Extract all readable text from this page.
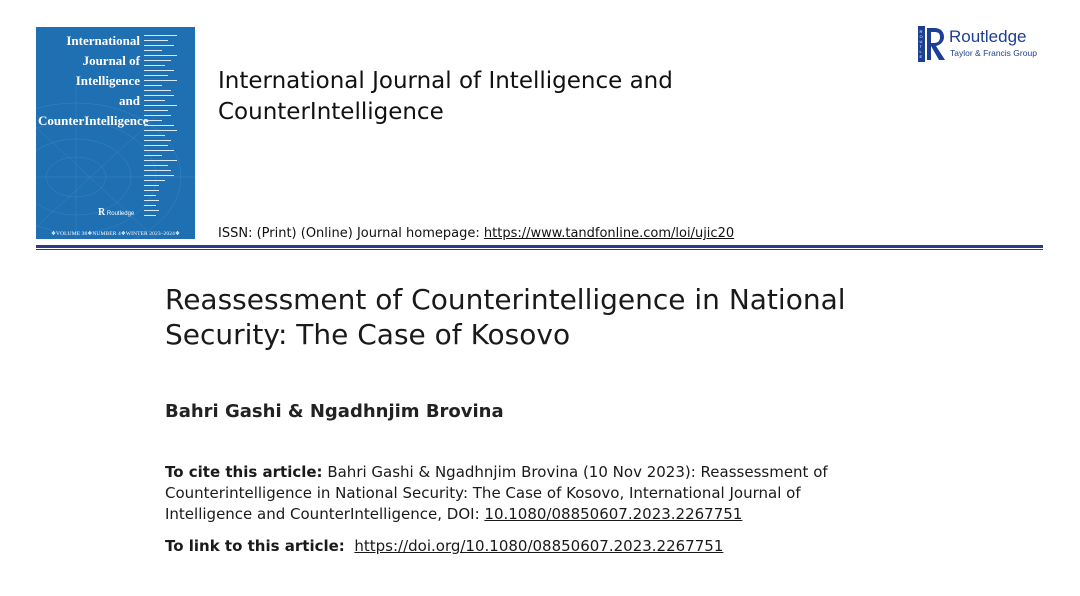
International
Journal of
Intelligence
and
CounterIntelligence
▬▬▬▬▬▬▬▬▬▬▬
▬▬▬▬▬▬▬▬
▬▬▬▬▬▬▬▬▬▬
▬▬▬▬▬▬
▬▬▬▬▬▬▬▬▬▬▬
▬▬▬▬▬▬▬▬▬
▬▬▬▬▬▬▬
▬▬▬▬▬▬▬▬▬▬
▬▬▬▬▬▬▬▬
▬▬▬▬▬▬▬▬▬▬▬
▬▬▬▬▬▬
▬▬▬▬▬▬▬▬▬
▬▬▬▬▬▬▬▬▬▬
▬▬▬▬▬▬▬
▬▬▬▬▬▬▬▬▬▬▬
▬▬▬▬▬▬▬▬
▬▬▬▬▬▬▬▬▬
▬▬▬▬▬▬
▬▬▬▬▬▬▬▬▬▬
▬▬▬▬▬▬▬▬▬▬▬
▬▬▬▬▬▬▬
▬▬▬▬▬▬▬▬▬
▬▬▬▬▬▬▬▬
▬▬▬▬▬▬▬▬▬▬
▬▬▬▬▬▬
▬▬▬▬▬▬▬▬▬▬▬
▬▬▬▬▬▬▬▬
▬▬▬▬▬▬▬▬▬
▬▬▬▬▬▬▬▬▬▬
▬▬▬▬▬▬▬
▬▬▬▬▬
▬▬▬▬▬
▬▬▬▬
▬▬▬▬▬
▬▬▬▬
▬▬▬▬▬
▬▬▬▬
R Routledge
❖VOLUME 36❖NUMBER 4❖WINTER 2023–2024❖
International Journal of Intelligence and CounterIntelligence
ISSN: (Print) (Online) Journal homepage: https://www.tandfonline.com/loi/ujic20
R
O
U
T
L
E
Routledge
Taylor & Francis Group
Reassessment of Counterintelligence in National Security: The Case of Kosovo
Bahri Gashi & Ngadhnjim Brovina
To cite this article: Bahri Gashi & Ngadhnjim Brovina (10 Nov 2023): Reassessment of Counterintelligence in National Security: The Case of Kosovo, International Journal of Intelligence and CounterIntelligence, DOI: 10.1080/08850607.2023.2267751
To link to this article: https://doi.org/10.1080/08850607.2023.2267751
